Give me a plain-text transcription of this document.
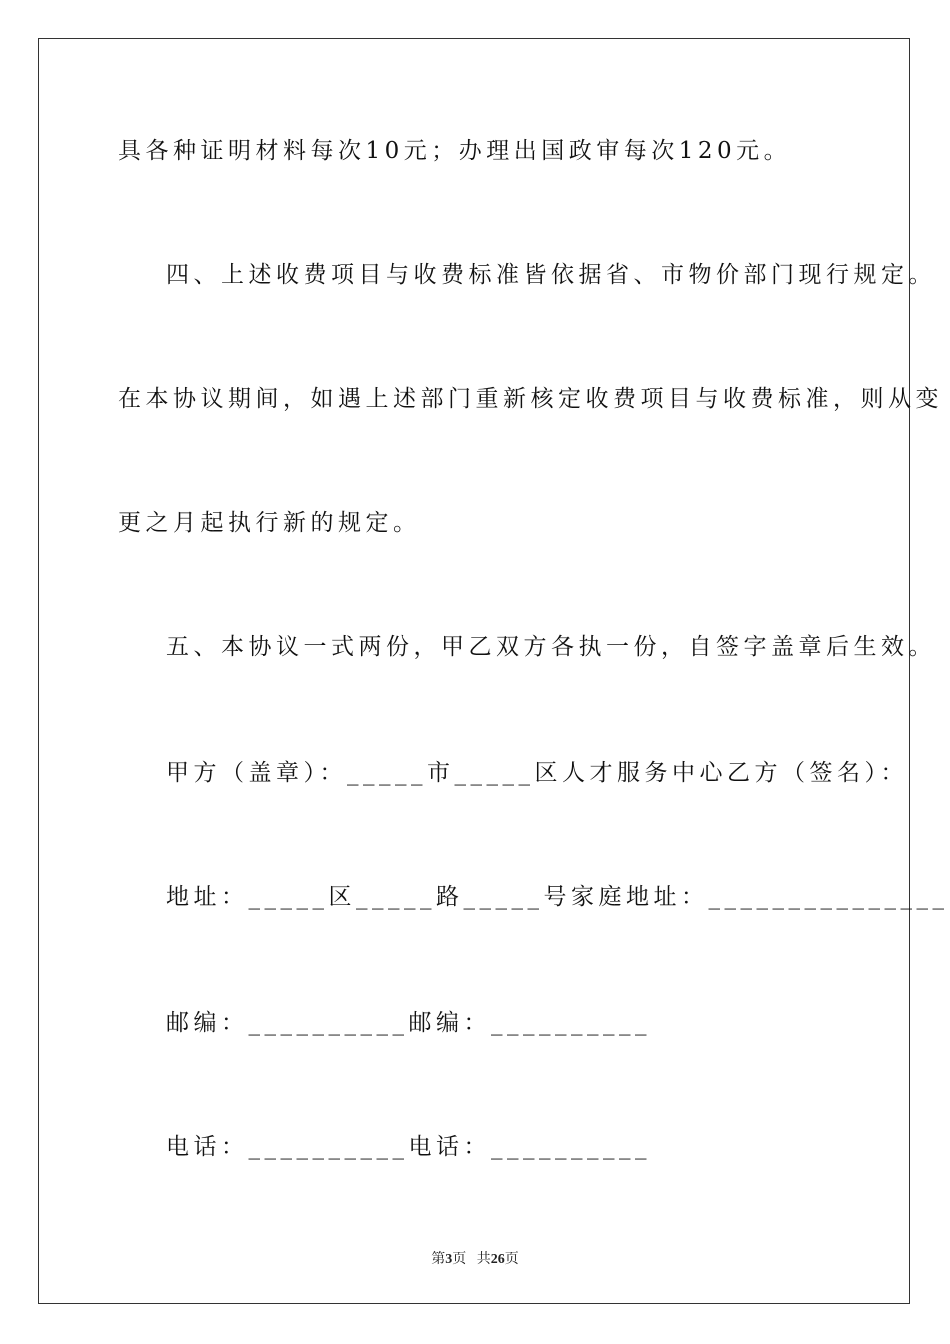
具各种证明材料每次10元；办理出国政审每次120元。
四、上述收费项目与收费标准皆依据省、市物价部门现行规定。
在本协议期间，如遇上述部门重新核定收费项目与收费标准，则从变
更之月起执行新的规定。
五、本协议一式两份，甲乙双方各执一份，自签字盖章后生效。
甲方（盖章）：_____市_____区人才服务中心乙方（签名）：
地址：_____区_____路_____号家庭地址：_______________
邮编：__________邮编：__________
电话：__________电话：__________
第3页 共26页
